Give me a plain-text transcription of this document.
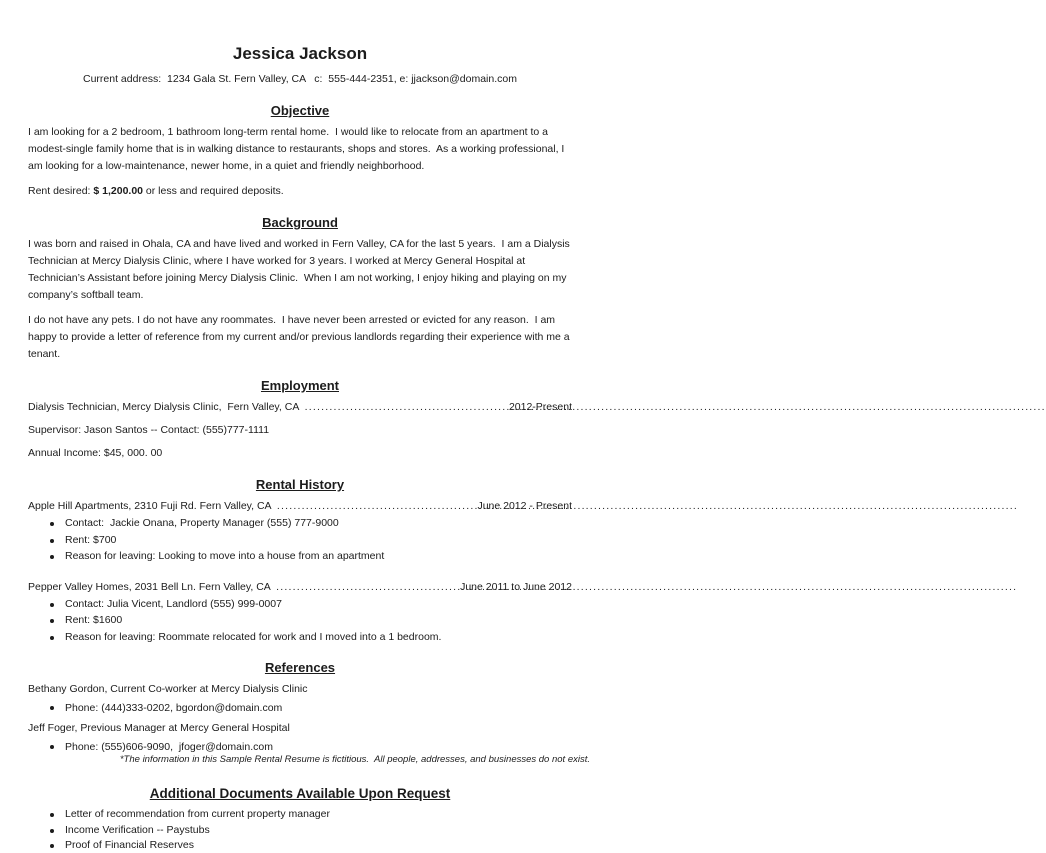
Jessica Jackson
Current address:  1234 Gala St. Fern Valley, CA   c:  555-444-2351, e: jjackson@domain.com
Objective

I am looking for a 2 bedroom, 1 bathroom long-term rental home.  I would like to relocate from an apartment to a modest-single family home that is in walking distance to restaurants, shops and stores.  As a working professional, I am looking for a low-maintenance, newer home, in a quiet and friendly neighborhood.

Rent desired: $ 1,200.00 or less and required deposits.

Background

I was born and raised in Ohala, CA and have lived and worked in Fern Valley, CA for the last 5 years.  I am a Dialysis Technician at Mercy Dialysis Clinic, where I have worked for 3 years. I worked at Mercy General Hospital at Technician’s Assistant before joining Mercy Dialysis Clinic.  When I am not working, I enjoy hiking and playing on my company’s softball team.

I do not have any pets. I do not have any roommates.  I have never been arrested or evicted for any reason.  I am happy to provide a letter of reference from my current and/or previous landlords regarding their experience with me a tenant.

Employment
Dialysis Technician, Mercy Dialysis Clinic,  Fern Valley, CA .....	2012-Present

Supervisor: Jason Santos -- Contact: (555)777-1111

Annual Income: $45, 000. 00

Rental History
Apple Hill Apartments, 2310 Fuji Rd. Fern Valley, CA .....	June 2012 - Present
Contact:  Jackie Onana, Property Manager (555) 777-9000
Rent: $700
Reason for leaving: Looking to move into a house from an apartment
Pepper Valley Homes, 2031 Bell Ln. Fern Valley, CA .....	June 2011 to June 2012
Contact: Julia Vicent, Landlord (555) 999-0007
Rent: $1600
Reason for leaving: Roommate relocated for work and I moved into a 1 bedroom.
References

Bethany Gordon, Current Co-worker at Mercy Dialysis Clinic

Phone: (444)333-0202, bgordon@domain.com

Jeff Foger, Previous Manager at Mercy General Hospital

Phone: (555)606-9090,  jfoger@domain.com
Additional Documents Available Upon Request
Letter of recommendation from current property manager
Income Verification -- Paystubs
Proof of Financial Reserves
*The information in this Sample Rental Resume is fictitious.  All people, addresses, and businesses do not exist.
